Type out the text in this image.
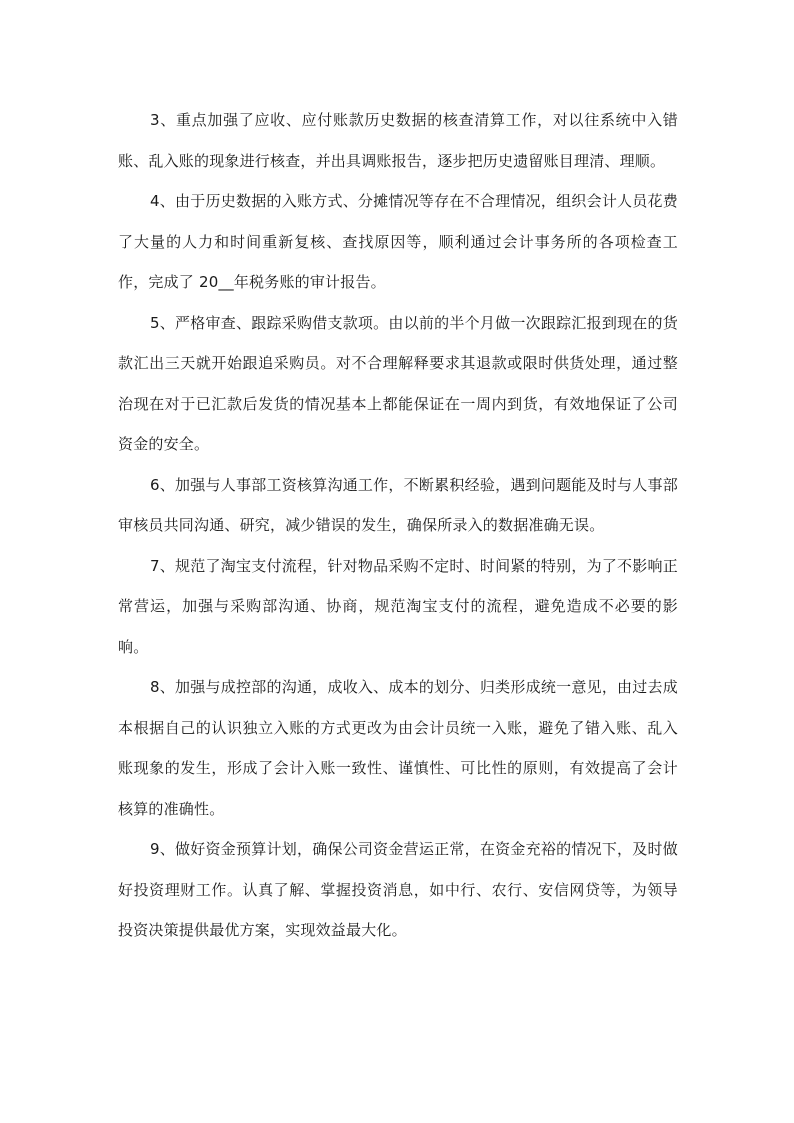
3、重点加强了应收、应付账款历史数据的核查清算工作，对以往系统中入错账、乱入账的现象进行核查，并出具调账报告，逐步把历史遗留账目理清、理顺。

4、由于历史数据的入账方式、分摊情况等存在不合理情况，组织会计人员花费了大量的人力和时间重新复核、查找原因等，顺利通过会计事务所的各项检查工作，完成了 20__年税务账的审计报告。

5、严格审查、跟踪采购借支款项。由以前的半个月做一次跟踪汇报到现在的货款汇出三天就开始跟追采购员。对不合理解释要求其退款或限时供货处理，通过整治现在对于已汇款后发货的情况基本上都能保证在一周内到货，有效地保证了公司资金的安全。

6、加强与人事部工资核算沟通工作，不断累积经验，遇到问题能及时与人事部审核员共同沟通、研究，减少错误的发生，确保所录入的数据准确无误。

7、规范了淘宝支付流程，针对物品采购不定时、时间紧的特别，为了不影响正常营运，加强与采购部沟通、协商，规范淘宝支付的流程，避免造成不必要的影响。

8、加强与成控部的沟通，成收入、成本的划分、归类形成统一意见，由过去成本根据自己的认识独立入账的方式更改为由会计员统一入账，避免了错入账、乱入账现象的发生，形成了会计入账一致性、谨慎性、可比性的原则，有效提高了会计核算的准确性。

9、做好资金预算计划，确保公司资金营运正常，在资金充裕的情况下，及时做好投资理财工作。认真了解、掌握投资消息，如中行、农行、安信网贷等，为领导投资决策提供最优方案，实现效益最大化。
